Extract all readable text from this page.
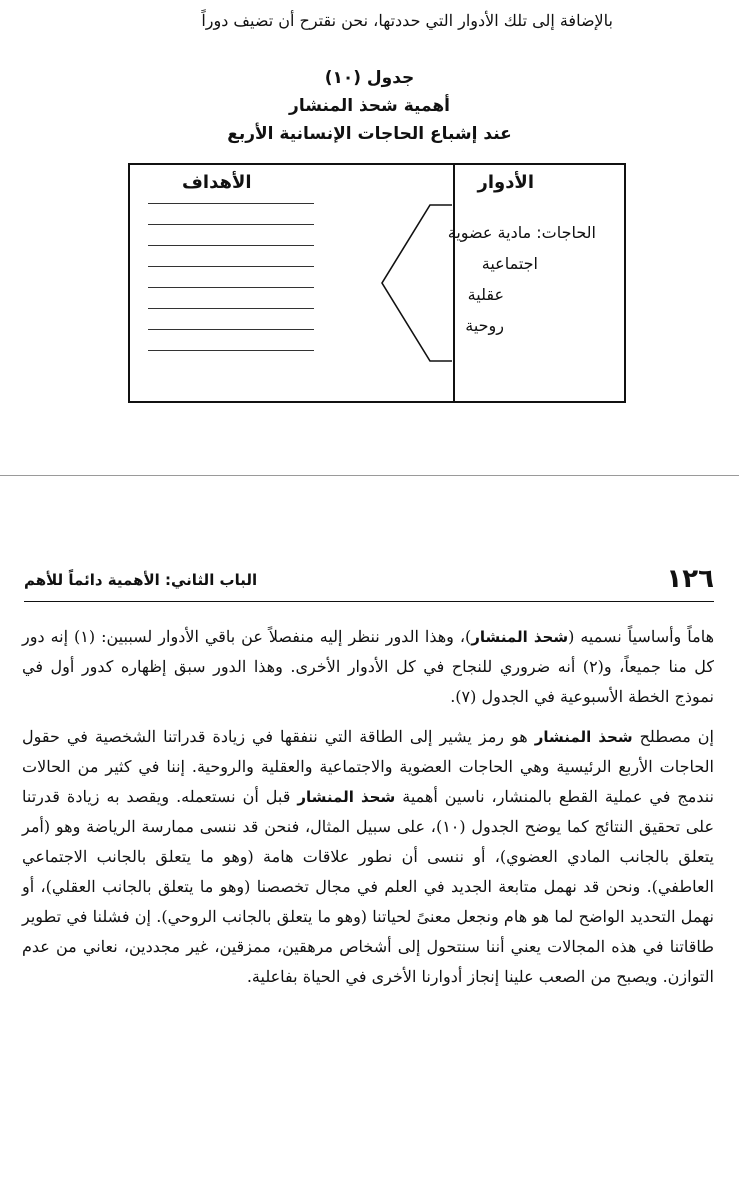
بالإضافة إلى تلك الأدوار التي حددتها، نحن نقترح أن تضيف دوراً
جدول (١٠)
أهمية شحذ المنشار
عند إشباع الحاجات الإنسانية الأربع
الأدوار
الأهداف
الحاجات: مادية عضوية
اجتماعية
عقلية
روحية
١٢٦
الباب الثاني: الأهمية دائماً للأهم

هاماً وأساسياً نسميه (شحذ المنشار)، وهذا الدور ننظر إليه منفصلاً عن باقي الأدوار لسببين: (١) إنه دور كل منا جميعاً، و(٢) أنه ضروري للنجاح في كل الأدوار الأخرى. وهذا الدور سبق إظهاره كدور أول في نموذج الخطة الأسبوعية في الجدول (٧).

إن مصطلح شحذ المنشار هو رمز يشير إلى الطاقة التي ننفقها في زيادة قدراتنا الشخصية في حقول الحاجات الأربع الرئيسية وهي الحاجات العضوية والاجتماعية والعقلية والروحية. إننا في كثير من الحالات نندمج في عملية القطع بالمنشار، ناسين أهمية شحذ المنشار قبل أن نستعمله. ويقصد به زيادة قدرتنا على تحقيق النتائج كما يوضح الجدول (١٠)، على سبيل المثال، فنحن قد ننسى ممارسة الرياضة وهو (أمر يتعلق بالجانب المادي العضوي)، أو ننسى أن نطور علاقات هامة (وهو ما يتعلق بالجانب الاجتماعي العاطفي). ونحن قد نهمل متابعة الجديد في العلم في مجال تخصصنا (وهو ما يتعلق بالجانب العقلي)، أو نهمل التحديد الواضح لما هو هام ونجعل معنىً لحياتنا (وهو ما يتعلق بالجانب الروحي). إن فشلنا في تطوير طاقاتنا في هذه المجالات يعني أننا سنتحول إلى أشخاص مرهقين، ممزقين، غير مجددين، نعاني من عدم التوازن. ويصبح من الصعب علينا إنجاز أدوارنا الأخرى في الحياة بفاعلية.
